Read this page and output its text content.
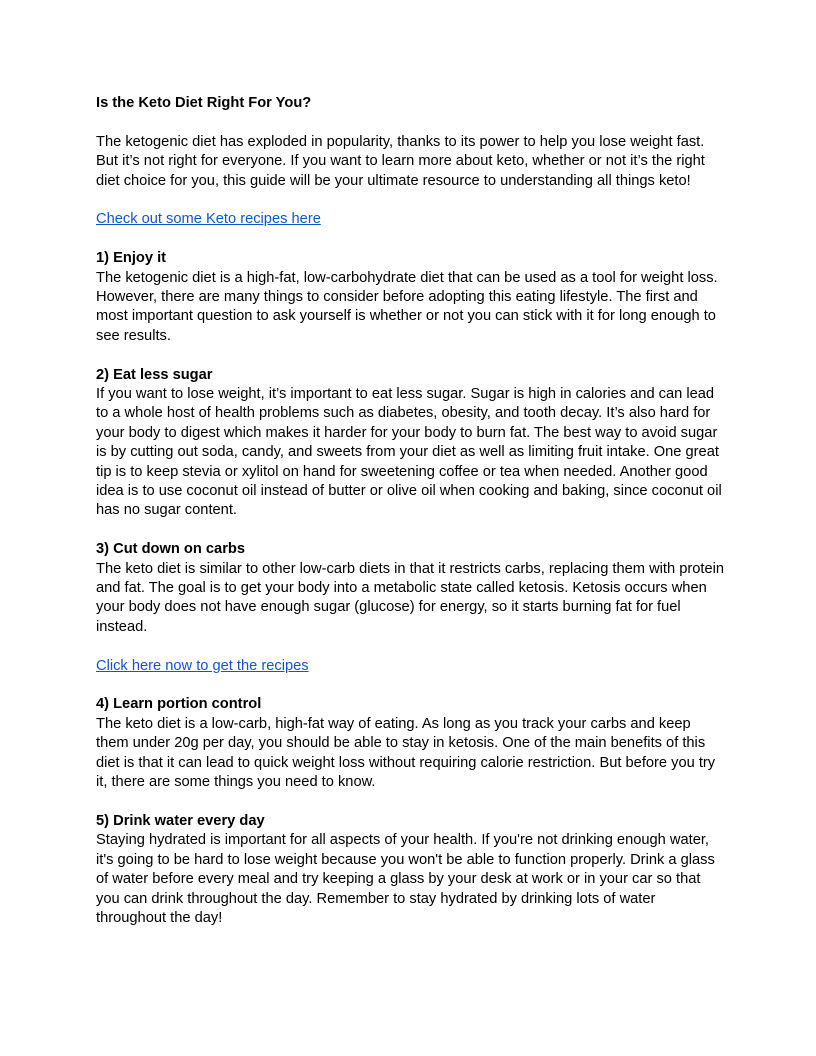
Is the Keto Diet Right For You?

The ketogenic diet has exploded in popularity, thanks to its power to help you lose weight fast. But it’s not right for everyone. If you want to learn more about keto, whether or not it’s the right diet choice for you, this guide will be your ultimate resource to understanding all things keto!

Check out some Keto recipes here

1) Enjoy it

The ketogenic diet is a high-fat, low-carbohydrate diet that can be used as a tool for weight loss. However, there are many things to consider before adopting this eating lifestyle. The first and most important question to ask yourself is whether or not you can stick with it for long enough to see results.

2) Eat less sugar

If you want to lose weight, it’s important to eat less sugar. Sugar is high in calories and can lead to a whole host of health problems such as diabetes, obesity, and tooth decay. It’s also hard for your body to digest which makes it harder for your body to burn fat. The best way to avoid sugar is by cutting out soda, candy, and sweets from your diet as well as limiting fruit intake. One great tip is to keep stevia or xylitol on hand for sweetening coffee or tea when needed. Another good idea is to use coconut oil instead of butter or olive oil when cooking and baking, since coconut oil has no sugar content.

3) Cut down on carbs

The keto diet is similar to other low-carb diets in that it restricts carbs, replacing them with protein and fat. The goal is to get your body into a metabolic state called ketosis. Ketosis occurs when your body does not have enough sugar (glucose) for energy, so it starts burning fat for fuel instead.

Click here now to get the recipes

4) Learn portion control

The keto diet is a low-carb, high-fat way of eating. As long as you track your carbs and keep them under 20g per day, you should be able to stay in ketosis. One of the main benefits of this diet is that it can lead to quick weight loss without requiring calorie restriction. But before you try it, there are some things you need to know.

5) Drink water every day

Staying hydrated is important for all aspects of your health. If you're not drinking enough water, it's going to be hard to lose weight because you won't be able to function properly. Drink a glass of water before every meal and try keeping a glass by your desk at work or in your car so that you can drink throughout the day. Remember to stay hydrated by drinking lots of water throughout the day!
